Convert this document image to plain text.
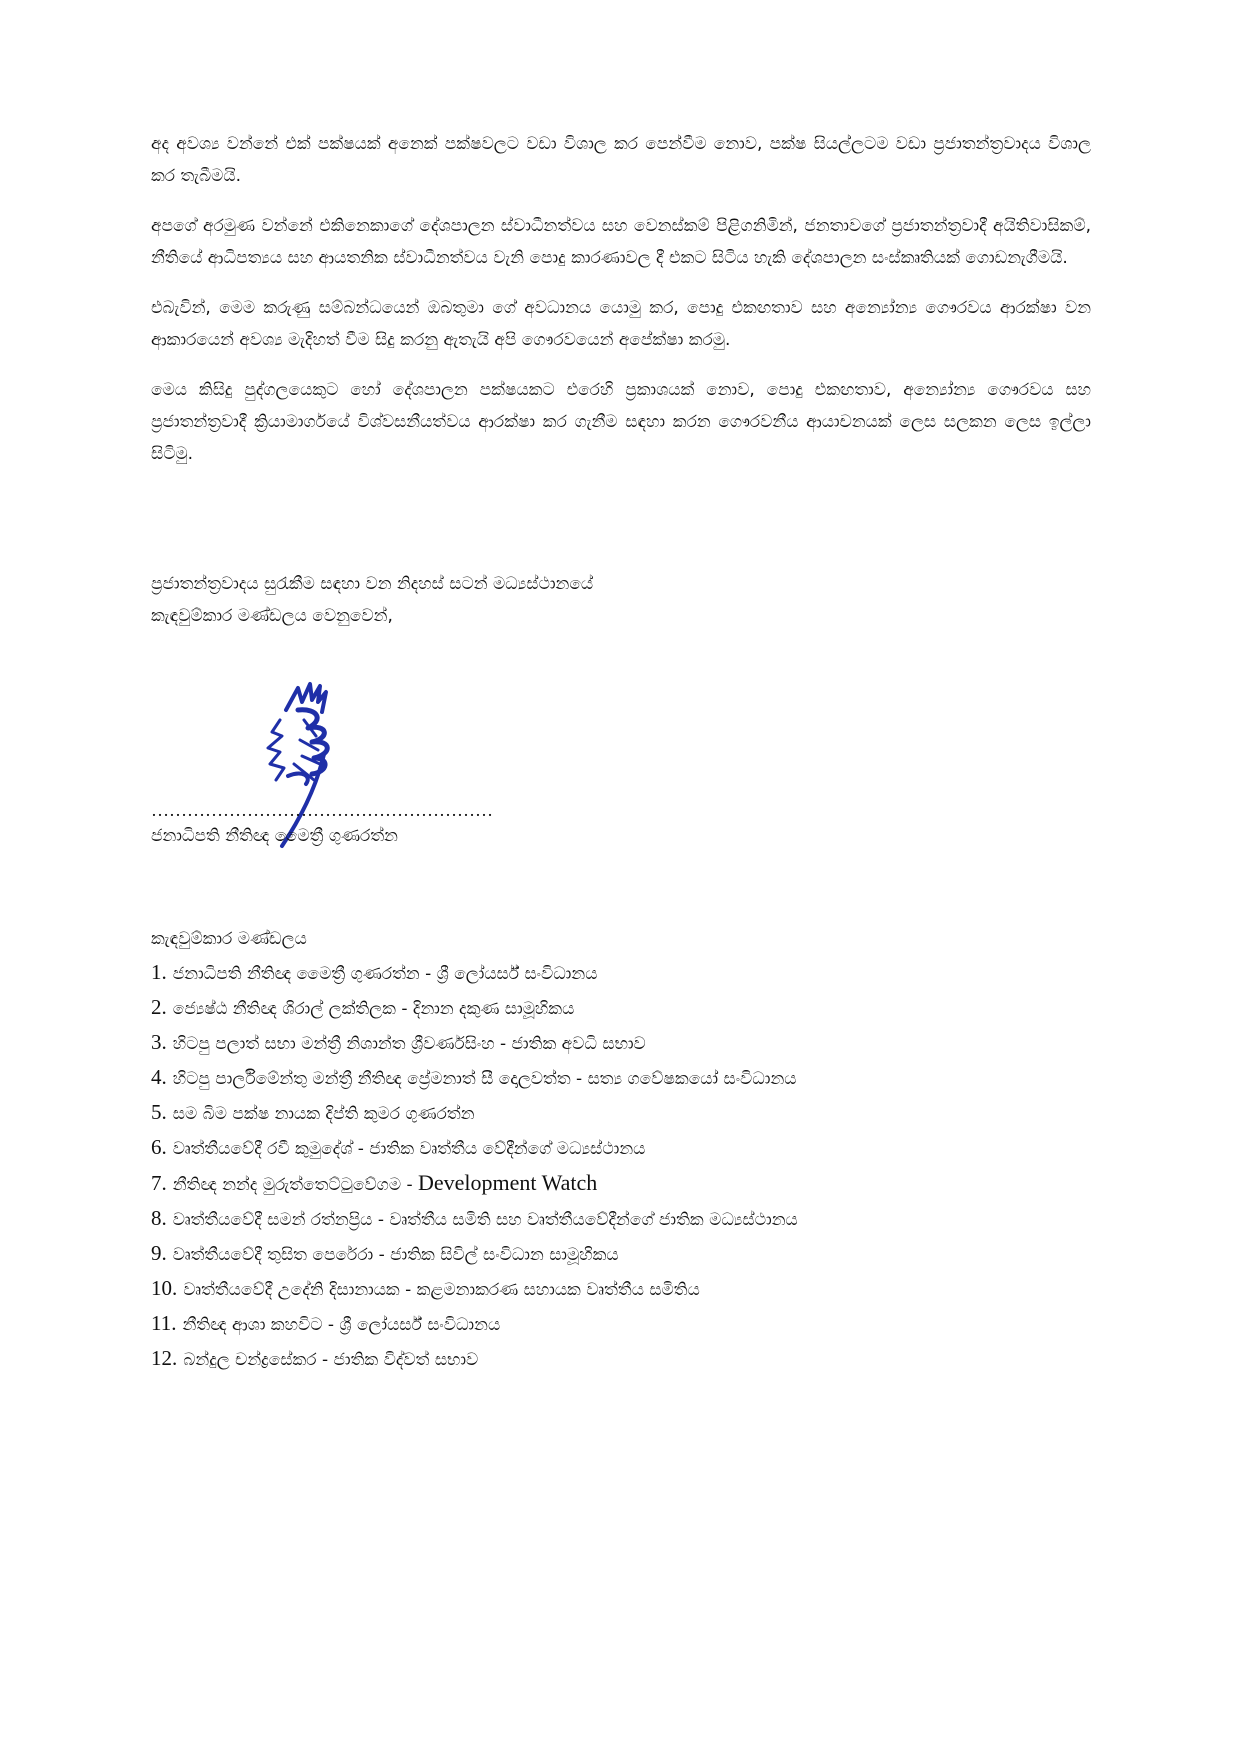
අද අවශ්‍ය වන්නේ එක් පක්ෂයක් අනෙක් පක්ෂවලට වඩා විශාල කර පෙන්වීම නොව, පක්ෂ සියල්ලටම වඩා ප්‍රජාතන්ත්‍රවාදය විශාල කර තැබීමයි.

අපගේ අරමුණ වන්නේ එකිනෙකාගේ දේශපාලන ස්වාධීනත්වය සහ වෙනස්කම් පිළිගනිමින්, ජනතාවගේ ප්‍රජාතන්ත්‍රවාදී අයිතිවාසිකම්, නීතියේ ආධිපත්‍යය සහ ආයතනික ස්වාධීනත්වය වැනි පොදු කාරණාවල දී එකට සිටිය හැකි දේශපාලන සංස්කෘතියක් ගොඩනැගීමයි.

එබැවින්, මෙම කරුණු සම්බන්ධයෙන් ඔබතුමා ගේ අවධානය යොමු කර, පොදු එකඟතාව සහ අන්‍යෝන්‍ය ගෞරවය ආරක්ෂා වන ආකාරයෙන් අවශ්‍ය මැදිහත් වීම සිදු කරනු ඇතැයි අපි ගෞරවයෙන් අපේක්ෂා කරමු.

මෙය කිසිදු පුද්ගලයෙකුට හෝ දේශපාලන පක්ෂයකට එරෙහි ප්‍රකාශයක් නොව, පොදු එකඟතාව, අන්‍යෝන්‍ය ගෞරවය සහ ප්‍රජාතන්ත්‍රවාදී ක්‍රියාමාර්ගයේ විශ්වසනීයත්වය ආරක්ෂා කර ගැනීම සඳහා කරන ගෞරවනීය ආයාචනයක් ලෙස සලකන ලෙස ඉල්ලා සිටිමු.

ප්‍රජාතන්ත්‍රවාදය සුරැකීම සඳහා වන නිදහස් සටන් මධ්‍යස්ථානයේ
කැඳවුම්කාර මණ්ඩලය වෙනුවෙන්,
…………………………………………………
ජනාධිපති නීතිඥ මෛත්‍රී ගුණරත්න
කැඳවුම්කාර මණ්ඩලය
1. ජනාධිපති නීතිඥ මෛත්‍රී ගුණරත්න - ශ්‍රී ලෝයර්ස් සංවිධානය
2. ජ්‍යෙෂ්ඨ නීතිඥ ශිරාල් ලක්තිලක - දිනාන දකුණ සාමූහිකය
3. හිටපු පලාත් සභා මන්ත්‍රී නිශාන්ත ශ්‍රීවර්ණසිංහ - ජාතික අවධි සභාව
4. හිටපු පාර්ලිමේන්තු මන්ත්‍රී නීතිඥ ප්‍රේමනාත් සී දොලවත්ත - සත්‍ය ගවේෂකයෝ සංවිධානය
5. සම බිම පක්ෂ නායක දිප්ති කුමර ගුණරත්න
6. වෘත්තීයවේදී රවී කුමුදේශ් - ජාතික වෘත්තීය වේදීන්ගේ මධ්‍යස්ථානය
7. නීතිඥ නන්ද මුරුත්තෙට්ටුවේගම - Development Watch
8. වෘත්තීයවේදී සමන් රත්නප්‍රිය - වෘත්තීය සමිති සහ වෘත්තීයවේදීන්ගේ ජාතික මධ්‍යස්ථානය
9. වෘත්තීයවේදී තුසිත පෙරේරා - ජාතික සිවිල් සංවිධාන සාමූහිකය
10. වෘත්තීයවේදී උදේනි දිසානායක - කළමනාකරණ සහායක වෘත්තීය සමිතිය
11. නීතිඥ ආශා කහවිට - ශ්‍රී ලෝයර්ස් සංවිධානය
12. බන්දුල චන්ද්‍රසේකර - ජාතික විද්වත් සභාව
